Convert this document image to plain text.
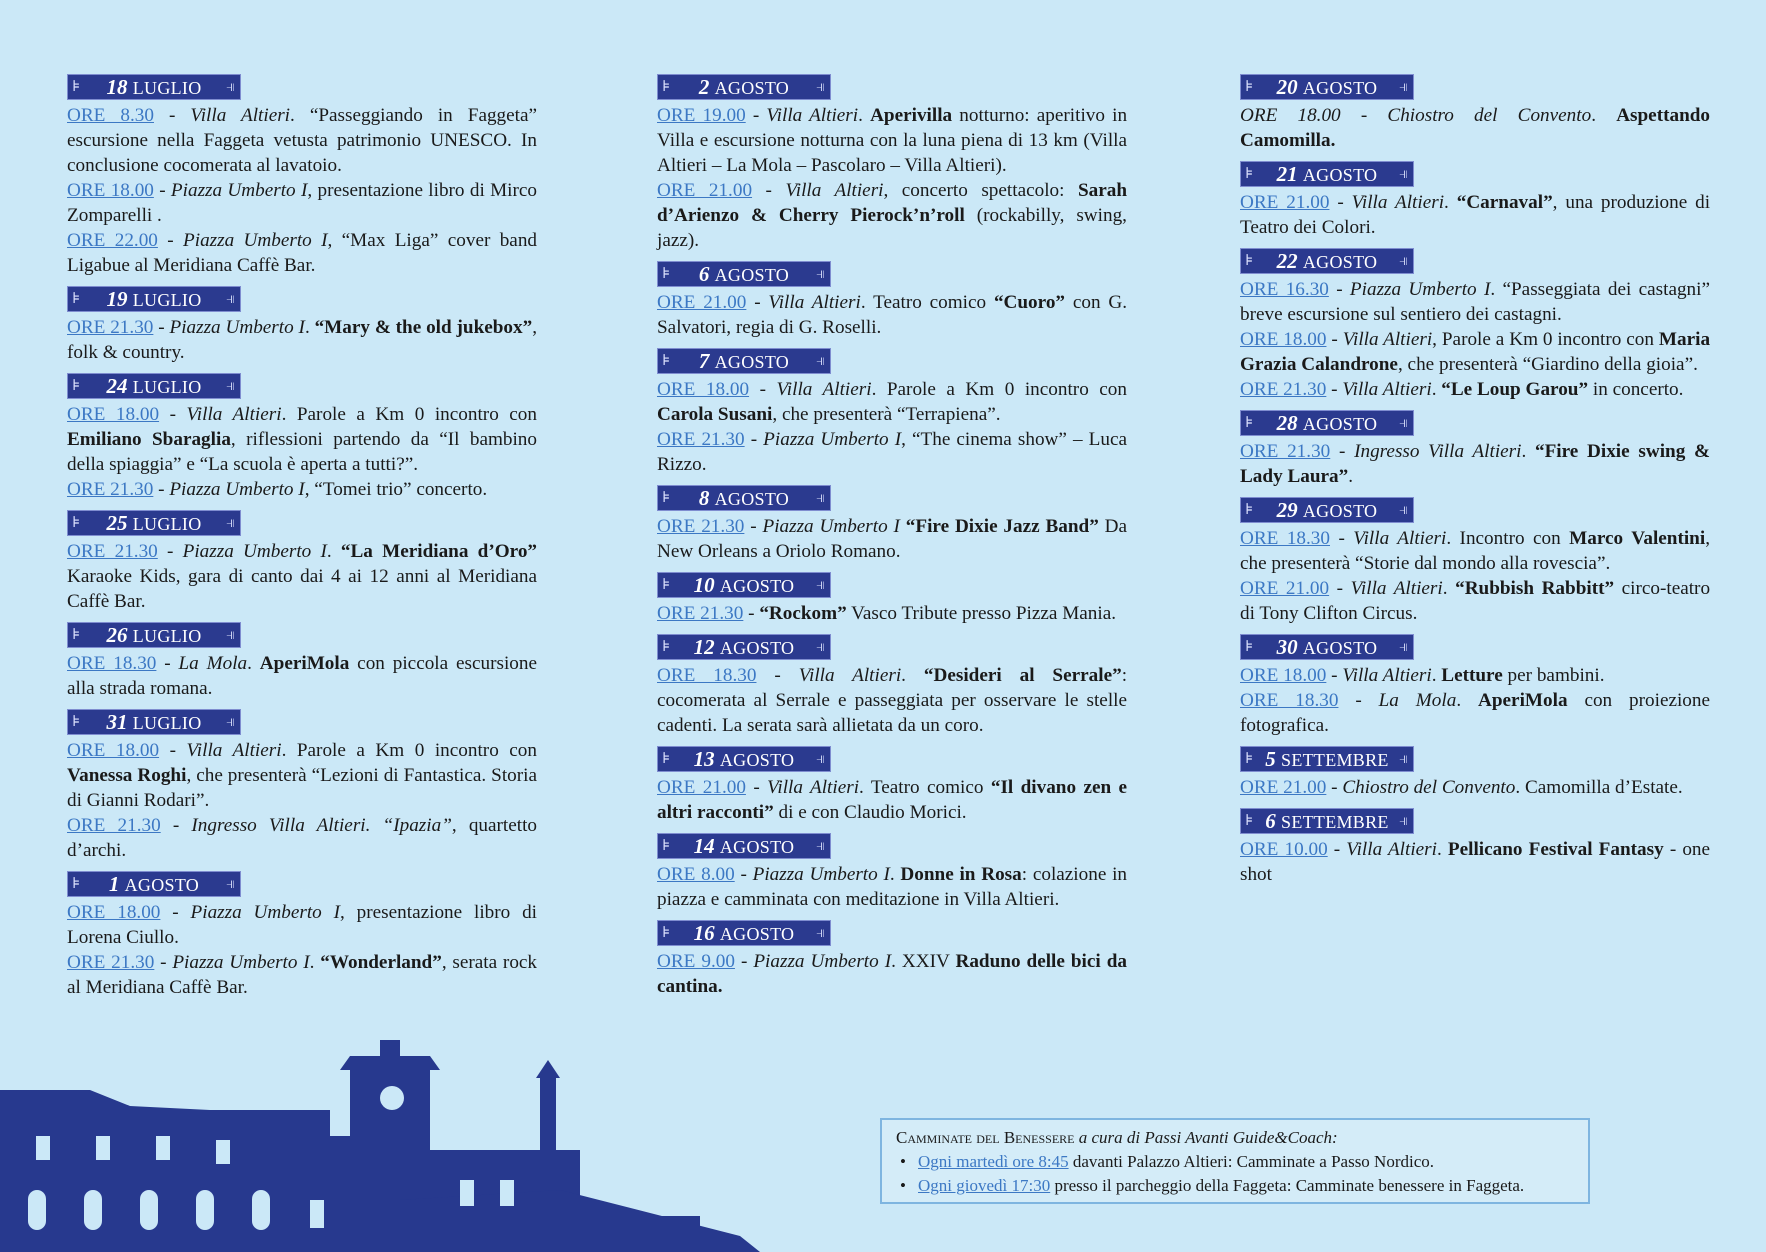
⊧ 18 LUGLIO ⫣
ORE 8.30 - Villa Altieri. “Passeggiando in Faggeta” escursione nella Faggeta vetusta patrimonio UNESCO. In conclusione cocomerata al lavatoio.
ORE 18.00 - Piazza Umberto I, presentazione libro di Mirco Zomparelli .
ORE 22.00 - Piazza Umberto I, “Max Liga” cover band Ligabue al Meridiana Caffè Bar.
⊧ 19 LUGLIO ⫣
ORE 21.30 - Piazza Umberto I. “Mary & the old jukebox”, folk & country.
⊧ 24 LUGLIO ⫣
ORE 18.00 - Villa Altieri. Parole a Km 0 incontro con Emiliano Sbaraglia, riflessioni partendo da “Il bambino della spiaggia” e “La scuola è aperta a tutti?”.
ORE 21.30 - Piazza Umberto I, “Tomei trio” concerto.
⊧ 25 LUGLIO ⫣
ORE 21.30 - Piazza Umberto I. “La Meridiana d’Oro” Karaoke Kids, gara di canto dai 4 ai 12 anni al Meridiana Caffè Bar.
⊧ 26 LUGLIO ⫣
ORE 18.30 - La Mola. AperiMola con piccola escursione alla strada romana.
⊧ 31 LUGLIO ⫣
ORE 18.00 - Villa Altieri. Parole a Km 0 incontro con Vanessa Roghi, che presenterà “Lezioni di Fantastica. Storia di Gianni Rodari”.
ORE 21.30 - Ingresso Villa Altieri. “Ipazia”, quartetto d’archi.
⊧ 1 AGOSTO ⫣
ORE 18.00 - Piazza Umberto I, presentazione libro di Lorena Ciullo.
ORE 21.30 - Piazza Umberto I. “Wonderland”, serata rock al Meridiana Caffè Bar.
⊧ 2 AGOSTO ⫣
ORE 19.00 - Villa Altieri. Aperivilla notturno: aperitivo in Villa e escursione notturna con la luna piena di 13 km (Villa Altieri – La Mola – Pascolaro – Villa Altieri).
ORE 21.00 - Villa Altieri, concerto spettacolo: Sarah d’Arienzo & Cherry Pierock’n’roll (rockabilly, swing, jazz).
⊧ 6 AGOSTO ⫣
ORE 21.00 - Villa Altieri. Teatro comico “Cuoro” con G. Salvatori, regia di G. Roselli.
⊧ 7 AGOSTO ⫣
ORE 18.00 - Villa Altieri. Parole a Km 0 incontro con Carola Susani, che presenterà “Terrapiena”.
ORE 21.30 - Piazza Umberto I, “The cinema show” – Luca Rizzo.
⊧ 8 AGOSTO ⫣
ORE 21.30 - Piazza Umberto I “Fire Dixie Jazz Band” Da New Orleans a Oriolo Romano.
⊧ 10 AGOSTO ⫣
ORE 21.30 - “Rockom” Vasco Tribute presso Pizza Mania.
⊧ 12 AGOSTO ⫣
ORE 18.30 - Villa Altieri. “Desideri al Serrale”: cocomerata al Serrale e passeggiata per osservare le stelle cadenti. La serata sarà allietata da un coro.
⊧ 13 AGOSTO ⫣
ORE 21.00 - Villa Altieri. Teatro comico “Il divano zen e altri racconti” di e con Claudio Morici.
⊧ 14 AGOSTO ⫣
ORE 8.00 - Piazza Umberto I. Donne in Rosa: colazione in piazza e camminata con meditazione in Villa Altieri.
⊧ 16 AGOSTO ⫣
ORE 9.00 - Piazza Umberto I. XXIV Raduno delle bici da cantina.
⊧ 20 AGOSTO ⫣
ORE 18.00 - Chiostro del Convento. Aspettando Camomilla.
⊧ 21 AGOSTO ⫣
ORE 21.00 - Villa Altieri. “Carnaval”, una produzione di Teatro dei Colori.
⊧ 22 AGOSTO ⫣
ORE 16.30 - Piazza Umberto I. “Passeggiata dei castagni” breve escursione sul sentiero dei castagni.
ORE 18.00 - Villa Altieri, Parole a Km 0 incontro con Maria Grazia Calandrone, che presenterà “Giardino della gioia”.
ORE 21.30 - Villa Altieri. “Le Loup Garou” in concerto.
⊧ 28 AGOSTO ⫣
ORE 21.30 - Ingresso Villa Altieri. “Fire Dixie swing & Lady Laura”.
⊧ 29 AGOSTO ⫣
ORE 18.30 - Villa Altieri. Incontro con Marco Valentini, che presenterà “Storie dal mondo alla rovescia”.
ORE 21.00 - Villa Altieri. “Rubbish Rabbitt” circo-teatro di Tony Clifton Circus.
⊧ 30 AGOSTO ⫣
ORE 18.00 - Villa Altieri. Letture per bambini.
ORE 18.30 - La Mola. AperiMola con proiezione fotografica.
⊧ 5 SETTEMBRE ⫣
ORE 21.00 - Chiostro del Convento. Camomilla d’Estate.
⊧ 6 SETTEMBRE ⫣
ORE 10.00 - Villa Altieri. Pellicano Festival Fantasy - one shot
Camminate del Benessere a cura di Passi Avanti Guide&Coach:
• Ogni martedì ore 8:45 davanti Palazzo Altieri: Camminate a Passo Nordico.
• Ogni giovedì 17:30 presso il parcheggio della Faggeta: Camminate benessere in Faggeta.
